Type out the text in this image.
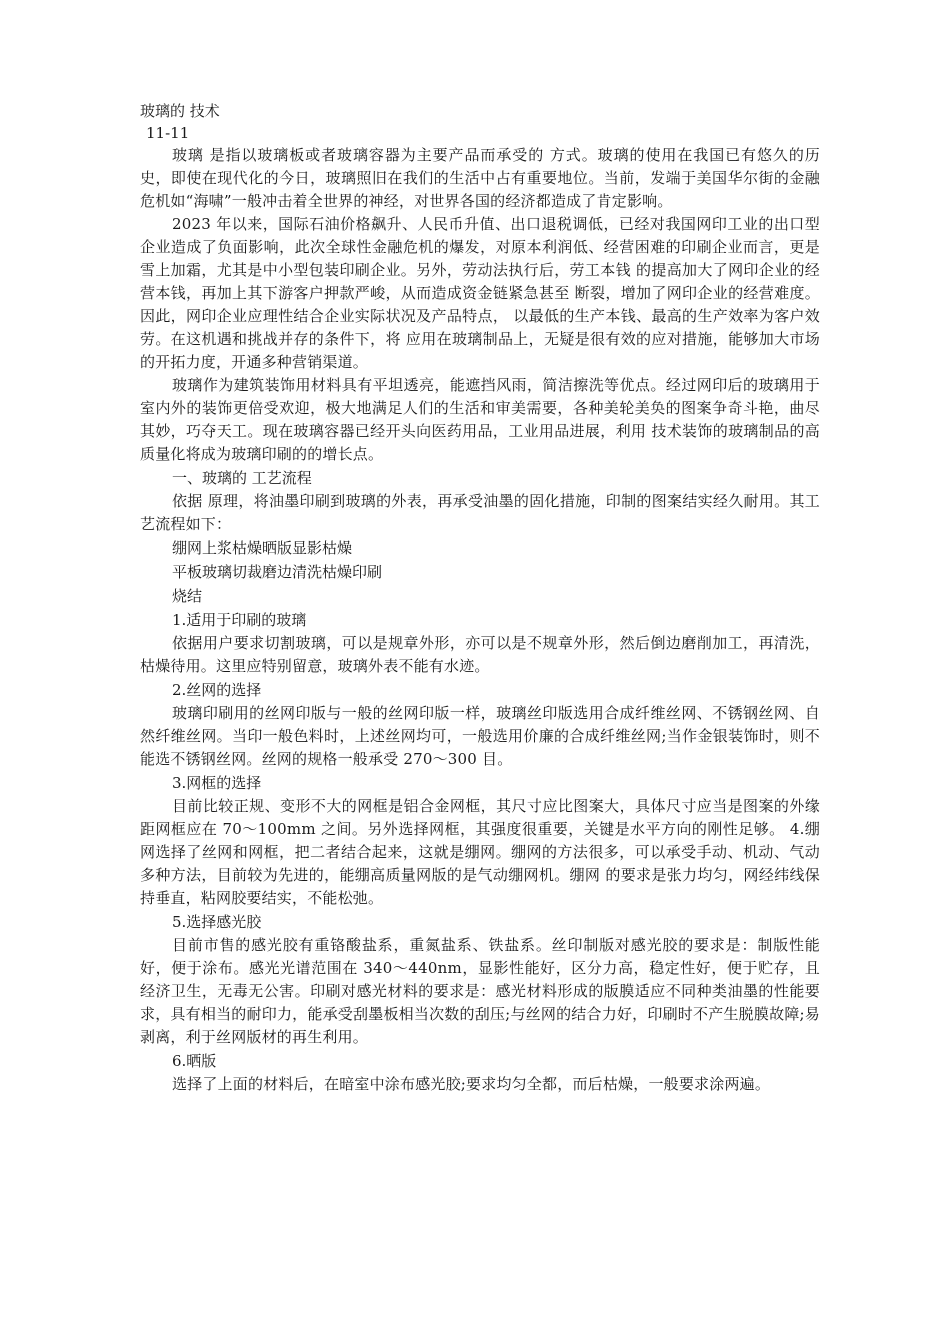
玻璃的 技术

11-11

玻璃 是指以玻璃板或者玻璃容器为主要产品而承受的 方式。玻璃的使用在我国已有悠久的历史，即使在现代化的今日，玻璃照旧在我们的生活中占有重要地位。当前，发端于美国华尔街的金融危机如“海啸”一般冲击着全世界的神经，对世界各国的经济都造成了肯定影响。

2023 年以来，国际石油价格飙升、人民币升值、出口退税调低，已经对我国网印工业的出口型企业造成了负面影响，此次全球性金融危机的爆发，对原本利润低、经营困难的印刷企业而言，更是雪上加霜，尤其是中小型包装印刷企业。另外，劳动法执行后，劳工本钱 的提高加大了网印企业的经营本钱，再加上其下游客户押款严峻，从而造成资金链紧急甚至 断裂，增加了网印企业的经营难度。因此，网印企业应理性结合企业实际状况及产品特点， 以最低的生产本钱、最高的生产效率为客户效劳。在这机遇和挑战并存的条件下，将 应用在玻璃制品上，无疑是很有效的应对措施，能够加大市场的开拓力度，开通多种营销渠道。

玻璃作为建筑装饰用材料具有平坦透亮，能遮挡风雨，简洁擦洗等优点。经过网印后的玻璃用于室内外的装饰更倍受欢迎，极大地满足人们的生活和审美需要，各种美轮美奂的图案争奇斗艳，曲尽其妙，巧夺天工。现在玻璃容器已经开头向医药用品，工业用品进展，利用 技术装饰的玻璃制品的高质量化将成为玻璃印刷的的增长点。

一、玻璃的 工艺流程

依据 原理，将油墨印刷到玻璃的外表，再承受油墨的固化措施，印制的图案结实经久耐用。其工艺流程如下：

绷网上浆枯燥晒版显影枯燥

平板玻璃切裁磨边清洗枯燥印刷

烧结

1.适用于印刷的玻璃

依据用户要求切割玻璃，可以是规章外形，亦可以是不规章外形，然后倒边磨削加工，再清洗，枯燥待用。这里应特别留意，玻璃外表不能有水迹。

2.丝网的选择

玻璃印刷用的丝网印版与一般的丝网印版一样，玻璃丝印版选用合成纤维丝网、不锈钢丝网、自然纤维丝网。当印一般色料时，上述丝网均可，一般选用价廉的合成纤维丝网;当作金银装饰时，则不能选不锈钢丝网。丝网的规格一般承受 270～300 目。

3.网框的选择

目前比较正规、变形不大的网框是铝合金网框，其尺寸应比图案大，具体尺寸应当是图案的外缘距网框应在 70～100mm 之间。另外选择网框，其强度很重要，关键是水平方向的刚性足够。 4.绷网选择了丝网和网框，把二者结合起来，这就是绷网。绷网的方法很多，可以承受手动、机动、气动多种方法，目前较为先进的，能绷高质量网版的是气动绷网机。绷网 的要求是张力均匀，网经纬线保持垂直，粘网胶要结实，不能松弛。

5.选择感光胶

目前市售的感光胶有重铬酸盐系，重氮盐系、铁盐系。丝印制版对感光胶的要求是：制版性能好，便于涂布。感光光谱范围在 340～440nm，显影性能好，区分力高，稳定性好，便于贮存，且经济卫生，无毒无公害。印刷对感光材料的要求是：感光材料形成的版膜适应不同种类油墨的性能要求，具有相当的耐印力，能承受刮墨板相当次数的刮压;与丝网的结合力好，印刷时不产生脱膜故障;易剥离，利于丝网版材的再生利用。

6.晒版

选择了上面的材料后，在暗室中涂布感光胶;要求均匀全都，而后枯燥，一般要求涂两遍。
